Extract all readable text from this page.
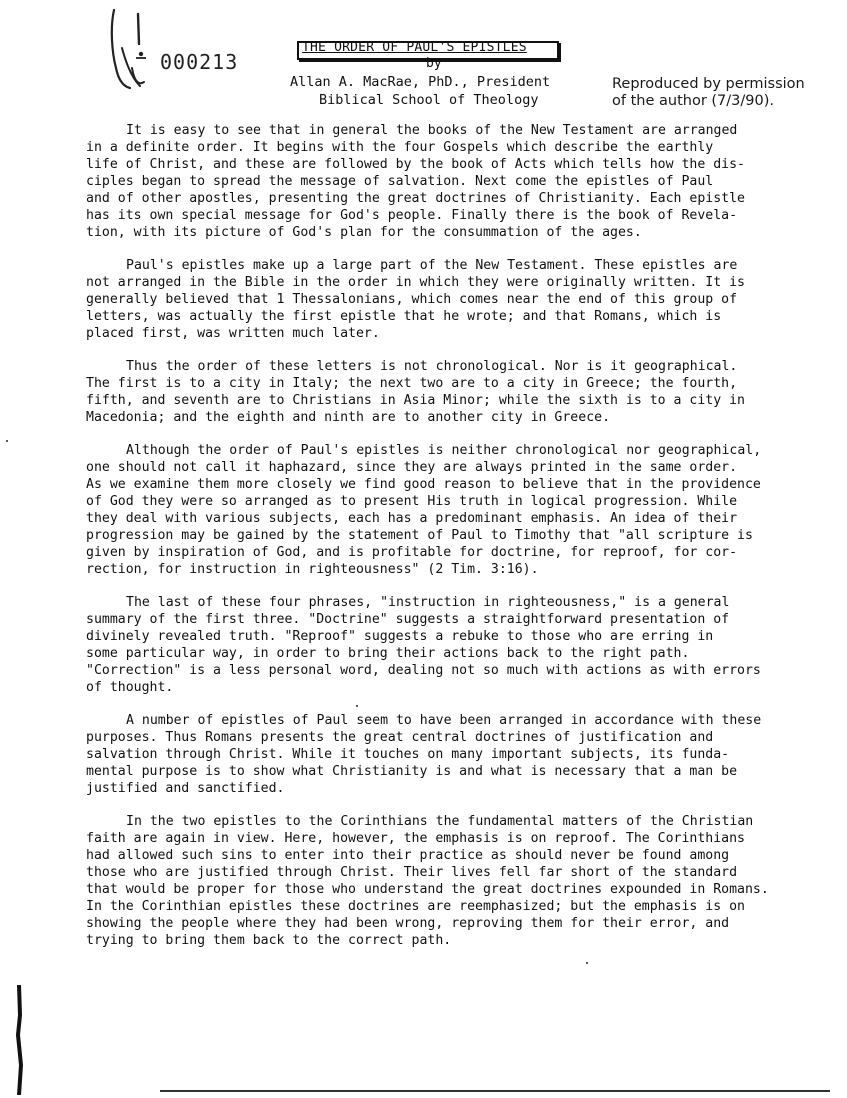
000213
THE ORDER OF PAUL'S EPISTLES
by
Allan A. MacRae, PhD., President
Biblical School of Theology
Reproduced by permission
of the author (7/3/90).

It is easy to see that in general the books of the New Testament are arranged
in a definite order. It begins with the four Gospels which describe the earthly
life of Christ, and these are followed by the book of Acts which tells how the dis-
ciples began to spread the message of salvation. Next come the epistles of Paul
and of other apostles, presenting the great doctrines of Christianity. Each epistle
has its own special message for God's people. Finally there is the book of Revela-
tion, with its picture of God's plan for the consummation of the ages.

Paul's epistles make up a large part of the New Testament. These epistles are
not arranged in the Bible in the order in which they were originally written. It is
generally believed that 1 Thessalonians, which comes near the end of this group of
letters, was actually the first epistle that he wrote; and that Romans, which is
placed first, was written much later.

Thus the order of these letters is not chronological. Nor is it geographical.
The first is to a city in Italy; the next two are to a city in Greece; the fourth,
fifth, and seventh are to Christians in Asia Minor; while the sixth is to a city in
Macedonia; and the eighth and ninth are to another city in Greece.

Although the order of Paul's epistles is neither chronological nor geographical,
one should not call it haphazard, since they are always printed in the same order.
As we examine them more closely we find good reason to believe that in the providence
of God they were so arranged as to present His truth in logical progression. While
they deal with various subjects, each has a predominant emphasis. An idea of their
progression may be gained by the statement of Paul to Timothy that "all scripture is
given by inspiration of God, and is profitable for doctrine, for reproof, for cor-
rection, for instruction in righteousness" (2 Tim. 3:16).

The last of these four phrases, "instruction in righteousness," is a general
summary of the first three. "Doctrine" suggests a straightforward presentation of
divinely revealed truth. "Reproof" suggests a rebuke to those who are erring in
some particular way, in order to bring their actions back to the right path.
"Correction" is a less personal word, dealing not so much with actions as with errors
of thought.

A number of epistles of Paul seem to have been arranged in accordance with these
purposes. Thus Romans presents the great central doctrines of justification and
salvation through Christ. While it touches on many important subjects, its funda-
mental purpose is to show what Christianity is and what is necessary that a man be
justified and sanctified.

In the two epistles to the Corinthians the fundamental matters of the Christian
faith are again in view. Here, however, the emphasis is on reproof. The Corinthians
had allowed such sins to enter into their practice as should never be found among
those who are justified through Christ. Their lives fell far short of the standard
that would be proper for those who understand the great doctrines expounded in Romans.
In the Corinthian epistles these doctrines are reemphasized; but the emphasis is on
showing the people where they had been wrong, reproving them for their error, and
trying to bring them back to the correct path.
